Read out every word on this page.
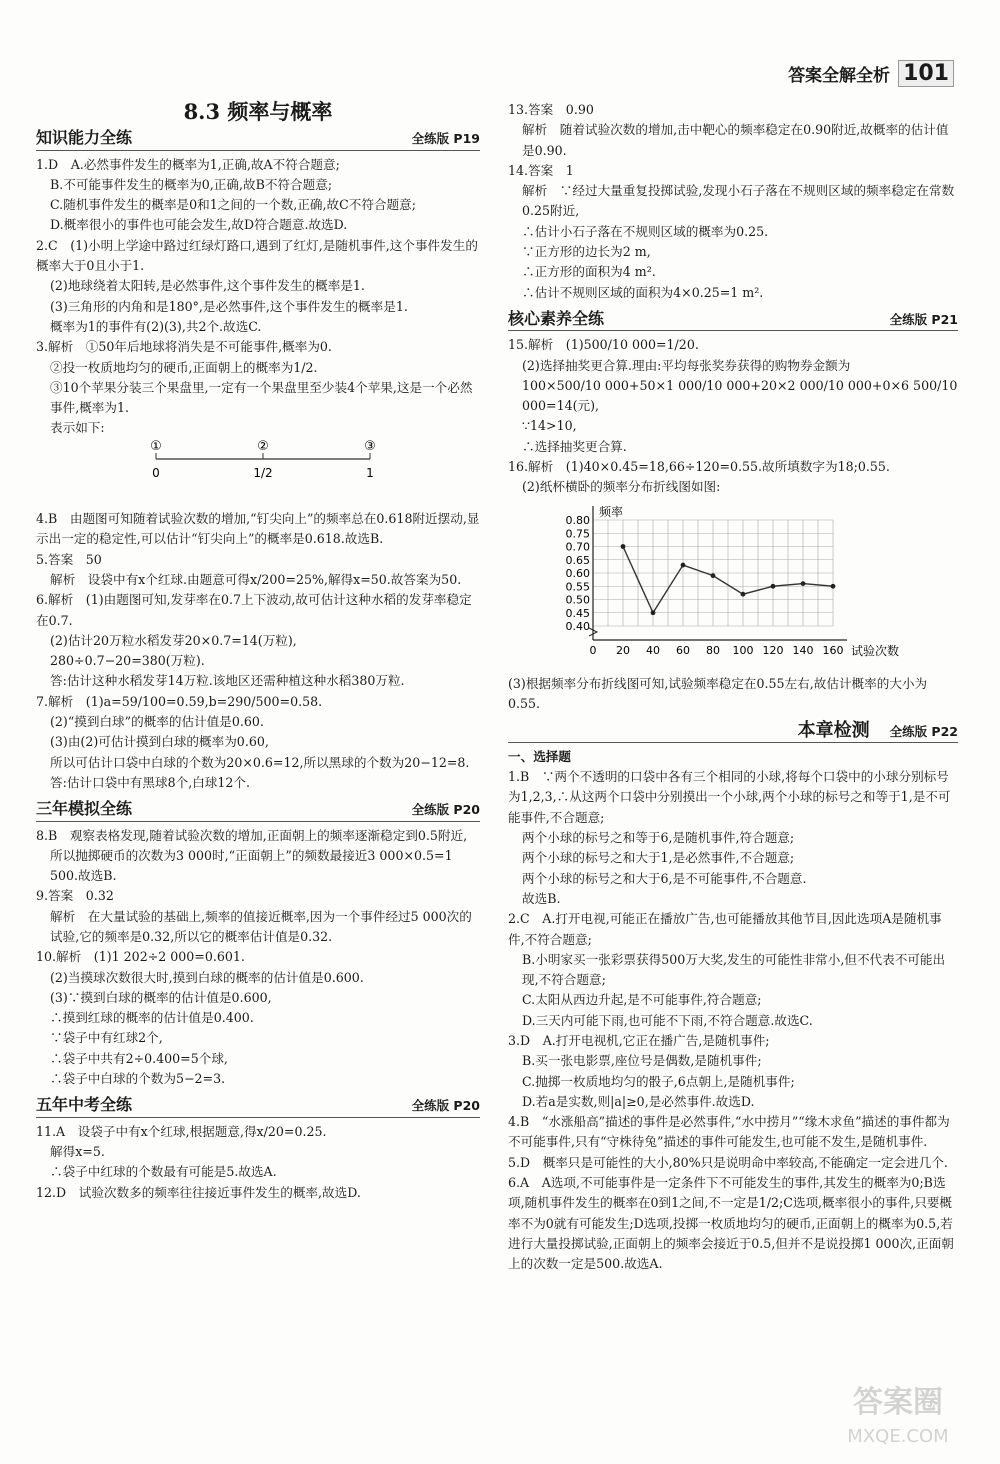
答案全解全析 101
8.3 频率与概率
知识能力全练	全练版 P19
1.D　A.必然事件发生的概率为1,正确,故A不符合题意;
B.不可能事件发生的概率为0,正确,故B不符合题意;
C.随机事件发生的概率是0和1之间的一个数,正确,故C不符合题意;
D.概率很小的事件也可能会发生,故D符合题意.故选D.
2.C　(1)小明上学途中路过红绿灯路口,遇到了红灯,是随机事件,这个事件发生的概率大于0且小于1.
(2)地球绕着太阳转,是必然事件,这个事件发生的概率是1.
(3)三角形的内角和是180°,是必然事件,这个事件发生的概率是1.
概率为1的事件有(2)(3),共2个.故选C.
3.解析　①50年后地球将消失是不可能事件,概率为0.
②投一枚质地均匀的硬币,正面朝上的概率为1/2.
③10个苹果分装三个果盘里,一定有一个果盘里至少装4个苹果,这是一个必然事件,概率为1.
表示如下:
①	②	③
0	1/2	1
4.B　由题图可知随着试验次数的增加,“钉尖向上”的频率总在0.618附近摆动,显示出一定的稳定性,可以估计“钉尖向上”的概率是0.618.故选B.
5.答案　50
解析　设袋中有x个红球.由题意可得x/200=25%,解得x=50.故答案为50.
6.解析　(1)由题图可知,发芽率在0.7上下波动,故可估计这种水稻的发芽率稳定在0.7.
(2)估计20万粒水稻发芽20×0.7=14(万粒),
280÷0.7−20=380(万粒).
答:估计这种水稻发芽14万粒.该地区还需种植这种水稻380万粒.
7.解析　(1)a=59/100=0.59,b=290/500=0.58.
(2)“摸到白球”的概率的估计值是0.60.
(3)由(2)可估计摸到白球的概率为0.60,
所以可估计口袋中白球的个数为20×0.6=12,所以黑球的个数为20−12=8.
答:估计口袋中有黑球8个,白球12个.
三年模拟全练	全练版 P20
8.B　观察表格发现,随着试验次数的增加,正面朝上的频率逐渐稳定到0.5附近,
所以抛掷硬币的次数为3 000时,“正面朝上”的频数最接近3 000×0.5=1 500.故选B.
9.答案　0.32
解析　在大量试验的基础上,频率的值接近概率,因为一个事件经过5 000次的试验,它的频率是0.32,所以它的概率估计值是0.32.
10.解析　(1)1 202÷2 000=0.601.
(2)当摸球次数很大时,摸到白球的概率的估计值是0.600.
(3)∵摸到白球的概率的估计值是0.600,
∴摸到红球的概率的估计值是0.400.
∵袋子中有红球2个,
∴袋子中共有2÷0.400=5个球,
∴袋子中白球的个数为5−2=3.
五年中考全练	全练版 P20
11.A　设袋子中有x个红球,根据题意,得x/20=0.25.
解得x=5.
∴袋子中红球的个数最有可能是5.故选A.
12.D　试验次数多的频率往往接近事件发生的概率,故选D.
13.答案　0.90
解析　随着试验次数的增加,击中靶心的频率稳定在0.90附近,故概率的估计值是0.90.
14.答案　1
解析　∵经过大量重复投掷试验,发现小石子落在不规则区域的频率稳定在常数0.25附近,
∴估计小石子落在不规则区域的概率为0.25.
∵正方形的边长为2 m,
∴正方形的面积为4 m².
∴估计不规则区域的面积为4×0.25=1 m².
核心素养全练	全练版 P21
15.解析　(1)500/10 000=1/20.
(2)选择抽奖更合算.理由:平均每张奖券获得的购物券金额为
100×500/10 000+50×1 000/10 000+20×2 000/10 000+0×6 500/10 000=14(元),
∵14>10,
∴选择抽奖更合算.
16.解析　(1)40×0.45=18,66÷120=0.55.故所填数字为18;0.55.
(2)纸杯横卧的频率分布折线图如图:
0.40
0.45
0.50
0.55
0.60
0.65
0.70
0.75
0.80
0 20 40 60 80 100 120 140 160
频率
试验次数
(3)根据频率分布折线图可知,试验频率稳定在0.55左右,故估计概率的大小为0.55.
本章检测 全练版 P22
一、选择题
1.B　∵两个不透明的口袋中各有三个相同的小球,将每个口袋中的小球分别标号为1,2,3,∴从这两个口袋中分别摸出一个小球,两个小球的标号之和等于1,是不可能事件,不合题意;
两个小球的标号之和等于6,是随机事件,符合题意;
两个小球的标号之和大于1,是必然事件,不合题意;
两个小球的标号之和大于6,是不可能事件,不合题意.
故选B.
2.C　A.打开电视,可能正在播放广告,也可能播放其他节目,因此选项A是随机事件,不符合题意;
B.小明家买一张彩票获得500万大奖,发生的可能性非常小,但不代表不可能出现,不符合题意;
C.太阳从西边升起,是不可能事件,符合题意;
D.三天内可能下雨,也可能不下雨,不符合题意.故选C.
3.D　A.打开电视机,它正在播广告,是随机事件;
B.买一张电影票,座位号是偶数,是随机事件;
C.抛掷一枚质地均匀的骰子,6点朝上,是随机事件;
D.若a是实数,则|a|≥0,是必然事件.故选D.
4.B　“水涨船高”描述的事件是必然事件,“水中捞月”“缘木求鱼”描述的事件都为不可能事件,只有“守株待兔”描述的事件可能发生,也可能不发生,是随机事件.
5.D　概率只是可能性的大小,80%只是说明命中率较高,不能确定一定会进几个.
6.A　A选项,不可能事件是一定条件下不可能发生的事件,其发生的概率为0;B选项,随机事件发生的概率在0到1之间,不一定是1/2;C选项,概率很小的事件,只要概率不为0就有可能发生;D选项,投掷一枚质地均匀的硬币,正面朝上的概率为0.5,若进行大量投掷试验,正面朝上的频率会接近于0.5,但并不是说投掷1 000次,正面朝上的次数一定是500.故选A.
答案圈
MXQE.COM
